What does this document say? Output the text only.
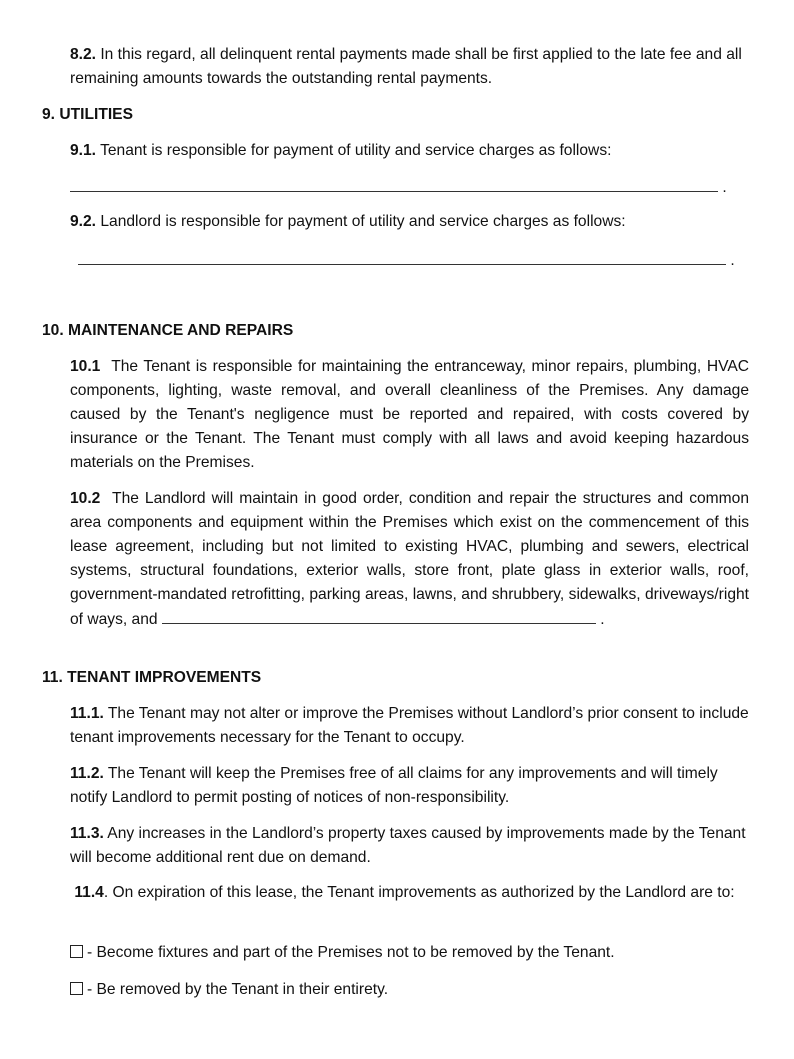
8.2. In this regard, all delinquent rental payments made shall be first applied to the late fee and all remaining amounts towards the outstanding rental payments.
9. UTILITIES
9.1. Tenant is responsible for payment of utility and service charges as follows:
.
9.2. Landlord is responsible for payment of utility and service charges as follows:
.
10. MAINTENANCE AND REPAIRS
10.1  The Tenant is responsible for maintaining the entranceway, minor repairs, plumbing, HVAC components, lighting, waste removal, and overall cleanliness of the Premises. Any damage caused by the Tenant's negligence must be reported and repaired, with costs covered by insurance or the Tenant. The Tenant must comply with all laws and avoid keeping hazardous materials on the Premises.
10.2  The Landlord will maintain in good order, condition and repair the structures and common area components and equipment within the Premises which exist on the commencement of this lease agreement, including but not limited to existing HVAC, plumbing and sewers, electrical systems, structural foundations, exterior walls, store front, plate glass in exterior walls, roof, government-mandated retrofitting, parking areas, lawns, and shrubbery, sidewalks, driveways/right of ways, and	.
11. TENANT IMPROVEMENTS
11.1. The Tenant may not alter or improve the Premises without Landlord’s prior consent to include tenant improvements necessary for the Tenant to occupy.
11.2. The Tenant will keep the Premises free of all claims for any improvements and will timely notify Landlord to permit posting of notices of non-responsibility.
11.3. Any increases in the Landlord’s property taxes caused by improvements made by the Tenant will become additional rent due on demand.
11.4. On expiration of this lease, the Tenant improvements as authorized by the Landlord are to:
- Become fixtures and part of the Premises not to be removed by the Tenant.
- Be removed by the Tenant in their entirety.
